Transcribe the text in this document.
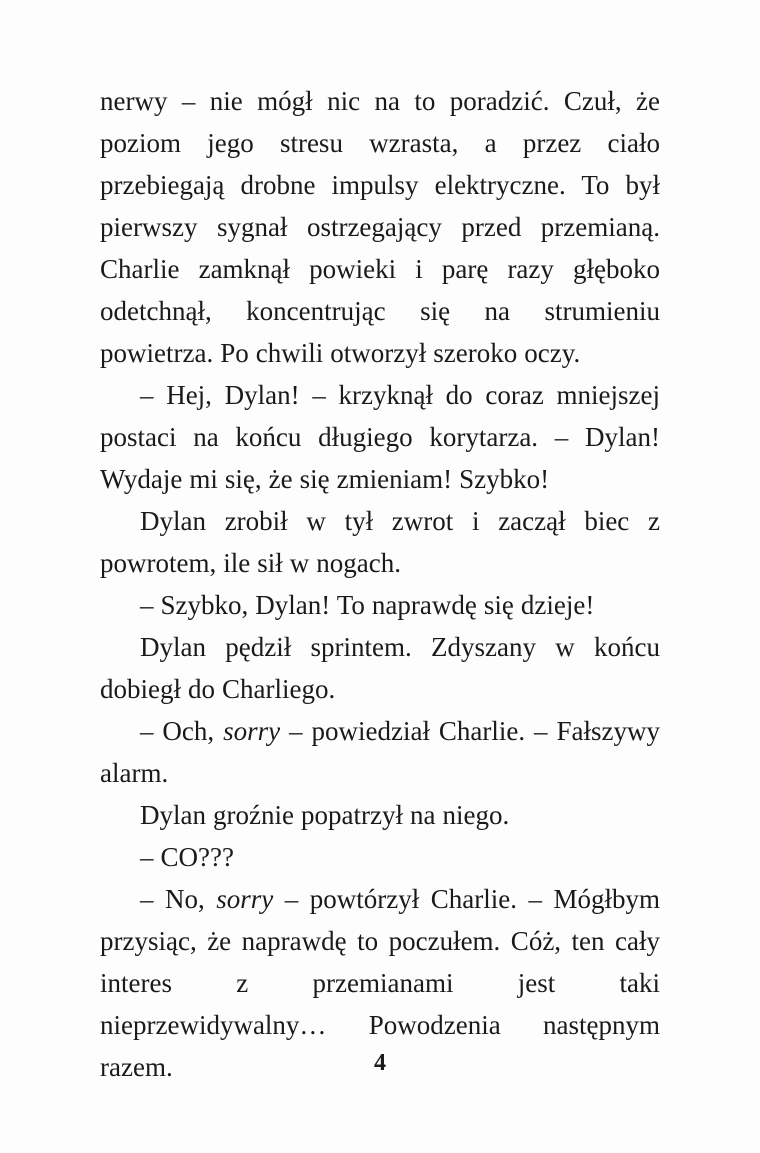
nerwy – nie mógł nic na to poradzić. Czuł, że poziom jego stresu wzrasta, a przez ciało przebiegają drobne impulsy elektryczne. To był pierwszy sygnał ostrzegający przed przemianą. Charlie zamknął powieki i parę razy głęboko odetchnął, koncentrując się na strumieniu powietrza. Po chwili otworzył szeroko oczy.

– Hej, Dylan! – krzyknął do coraz mniejszej postaci na końcu długiego korytarza. – Dylan! Wydaje mi się, że się zmieniam! Szybko!

Dylan zrobił w tył zwrot i zaczął biec z powrotem, ile sił w nogach.

– Szybko, Dylan! To naprawdę się dzieje!

Dylan pędził sprintem. Zdyszany w końcu dobiegł do Charliego.

– Och, sorry – powiedział Charlie. – Fałszywy alarm.

Dylan groźnie popatrzył na niego.

– CO???

– No, sorry – powtórzył Charlie. – Mógłbym przysiąc, że naprawdę to poczułem. Cóż, ten cały interes z przemianami jest taki nieprzewidywalny… Powodzenia następnym razem.	4
